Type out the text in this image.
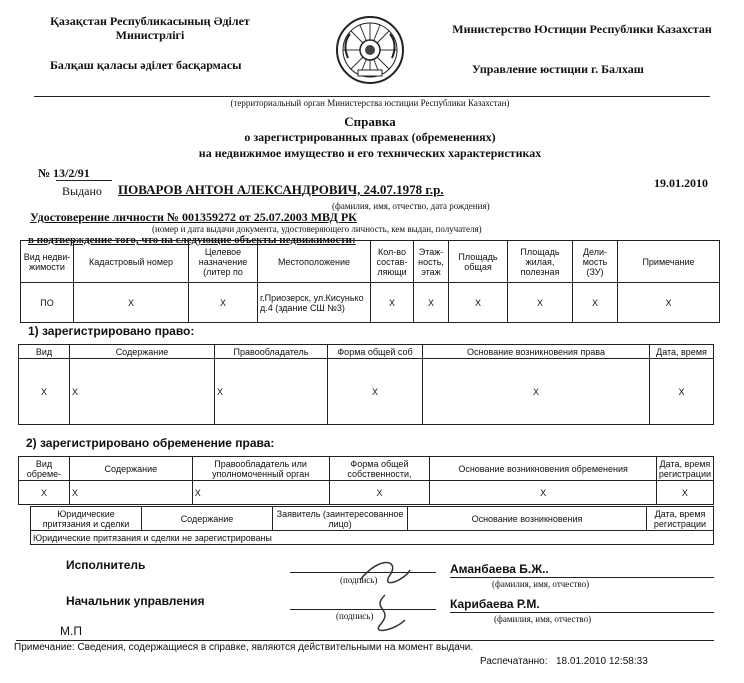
Қазақстан Республикасының Әділет Министрлігі
Балқаш қаласы әділет басқармасы
Министерство Юстиции Республики Казахстан
Управление юстиции г. Балхаш
(территориальный орган Министерства юстиции Республики Казахстан)
Справка
о зарегистрированных правах (обременениях)
на недвижимое имущество и его технических характеристиках
№ 13/2/91
19.01.2010
Выдано ПОВАРОВ АНТОН АЛЕКСАНДРОВИЧ, 24.07.1978 г.р.
(фамилия, имя, отчество, дата рождения)
Удостоверение личности № 001359272 от 25.07.2003 МВД РК
(номер и дата выдачи документа, удостоверяющего личность, кем выдан, получателя)
в подтверждение того, что на следующие объекты недвижимости:
Вид недви-жимости	Кадастровый номер	Целевое назначение (литер по	Местоположение	Кол-во состав-ляющи	Этаж-ность, этаж	Площадь общая	Площадь жилая, полезная	Дели-мость (ЗУ)	Примечание
ПО	X	X	г.Приозерск, ул.Кисунько д.4 (здание СШ №3)	X	X	X	X	X	X
1) зарегистрировано право:
Вид	Содержание	Правообладатель	Форма общей соб	Основание возникновения права	Дата, время
X	X	X	X	X	X
2) зарегистрировано обременение права:
Вид обреме-	Содержание	Правообладатель или уполномоченный орган	Форма общей собственности,	Основание возникновения обременения	Дата, время регистрации
X	X	X	X	X	X
Юридические притязания и сделки	Содержание	Заявитель (заинтересованное лицо)	Основание возникновения	Дата, время регистрации
Юридические притязания и сделки не зарегистрированы
Исполнитель
(подпись)
Аманбаева Б.Ж..
(фамилия, имя, отчество)
Начальник управления
(подпись)
Карибаева Р.М.
(фамилия, имя, отчество)
М.П
Примечание: Сведения, содержащиеся в справке, являются действительными на момент выдачи.
Распечатанно: 18.01.2010 12:58:33
